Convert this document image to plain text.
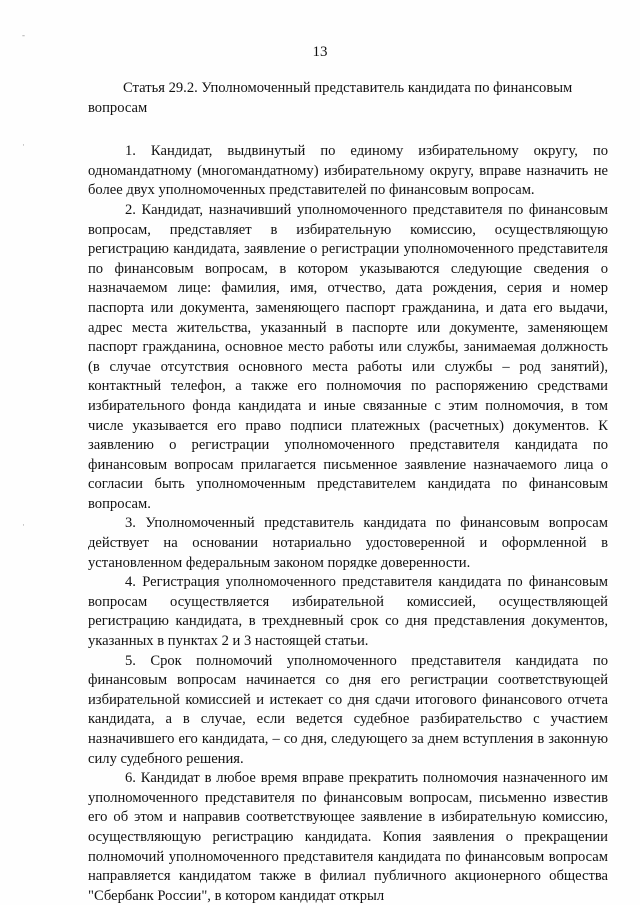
-
·
·
13

Статья 29.2. Уполномоченный представитель кандидата по финансовым вопросам

1. Кандидат, выдвинутый по единому избирательному округу, по одномандатному (многомандатному) избирательному округу, вправе назначить не более двух уполномоченных представителей по финансовым вопросам.

2. Кандидат, назначивший уполномоченного представителя по финансовым вопросам, представляет в избирательную комиссию, осуществляющую регистрацию кандидата, заявление о регистрации уполномоченного представителя по финансовым вопросам, в котором указываются следующие сведения о назначаемом лице: фамилия, имя, отчество, дата рождения, серия и номер паспорта или документа, заменяющего паспорт гражданина, и дата его выдачи, адрес места жительства, указанный в паспорте или документе, заменяющем паспорт гражданина, основное место работы или службы, занимаемая должность (в случае отсутствия основного места работы или службы – род занятий), контактный телефон, а также его полномочия по распоряжению средствами избирательного фонда кандидата и иные связанные с этим полномочия, в том числе указывается его право подписи платежных (расчетных) документов. К заявлению о регистрации уполномоченного представителя кандидата по финансовым вопросам прилагается письменное заявление назначаемого лица о согласии быть уполномоченным представителем кандидата по финансовым вопросам.

3. Уполномоченный представитель кандидата по финансовым вопросам действует на основании нотариально удостоверенной и оформленной в установленном федеральным законом порядке доверенности.

4. Регистрация уполномоченного представителя кандидата по финансовым вопросам осуществляется избирательной комиссией, осуществляющей регистрацию кандидата, в трехдневный срок со дня представления документов, указанных в пунктах 2 и 3 настоящей статьи.

5. Срок полномочий уполномоченного представителя кандидата по финансовым вопросам начинается со дня его регистрации соответствующей избирательной комиссией и истекает со дня сдачи итогового финансового отчета кандидата, а в случае, если ведется судебное разбирательство с участием назначившего его кандидата, – со дня, следующего за днем вступления в законную силу судебного решения.

6. Кандидат в любое время вправе прекратить полномочия назначенного им уполномоченного представителя по финансовым вопросам, письменно известив его об этом и направив соответствующее заявление в избирательную комиссию, осуществляющую регистрацию кандидата. Копия заявления о прекращении полномочий уполномоченного представителя кандидата по финансовым вопросам направляется кандидатом также в филиал публичного акционерного общества "Сбербанк России", в котором кандидат открыл
